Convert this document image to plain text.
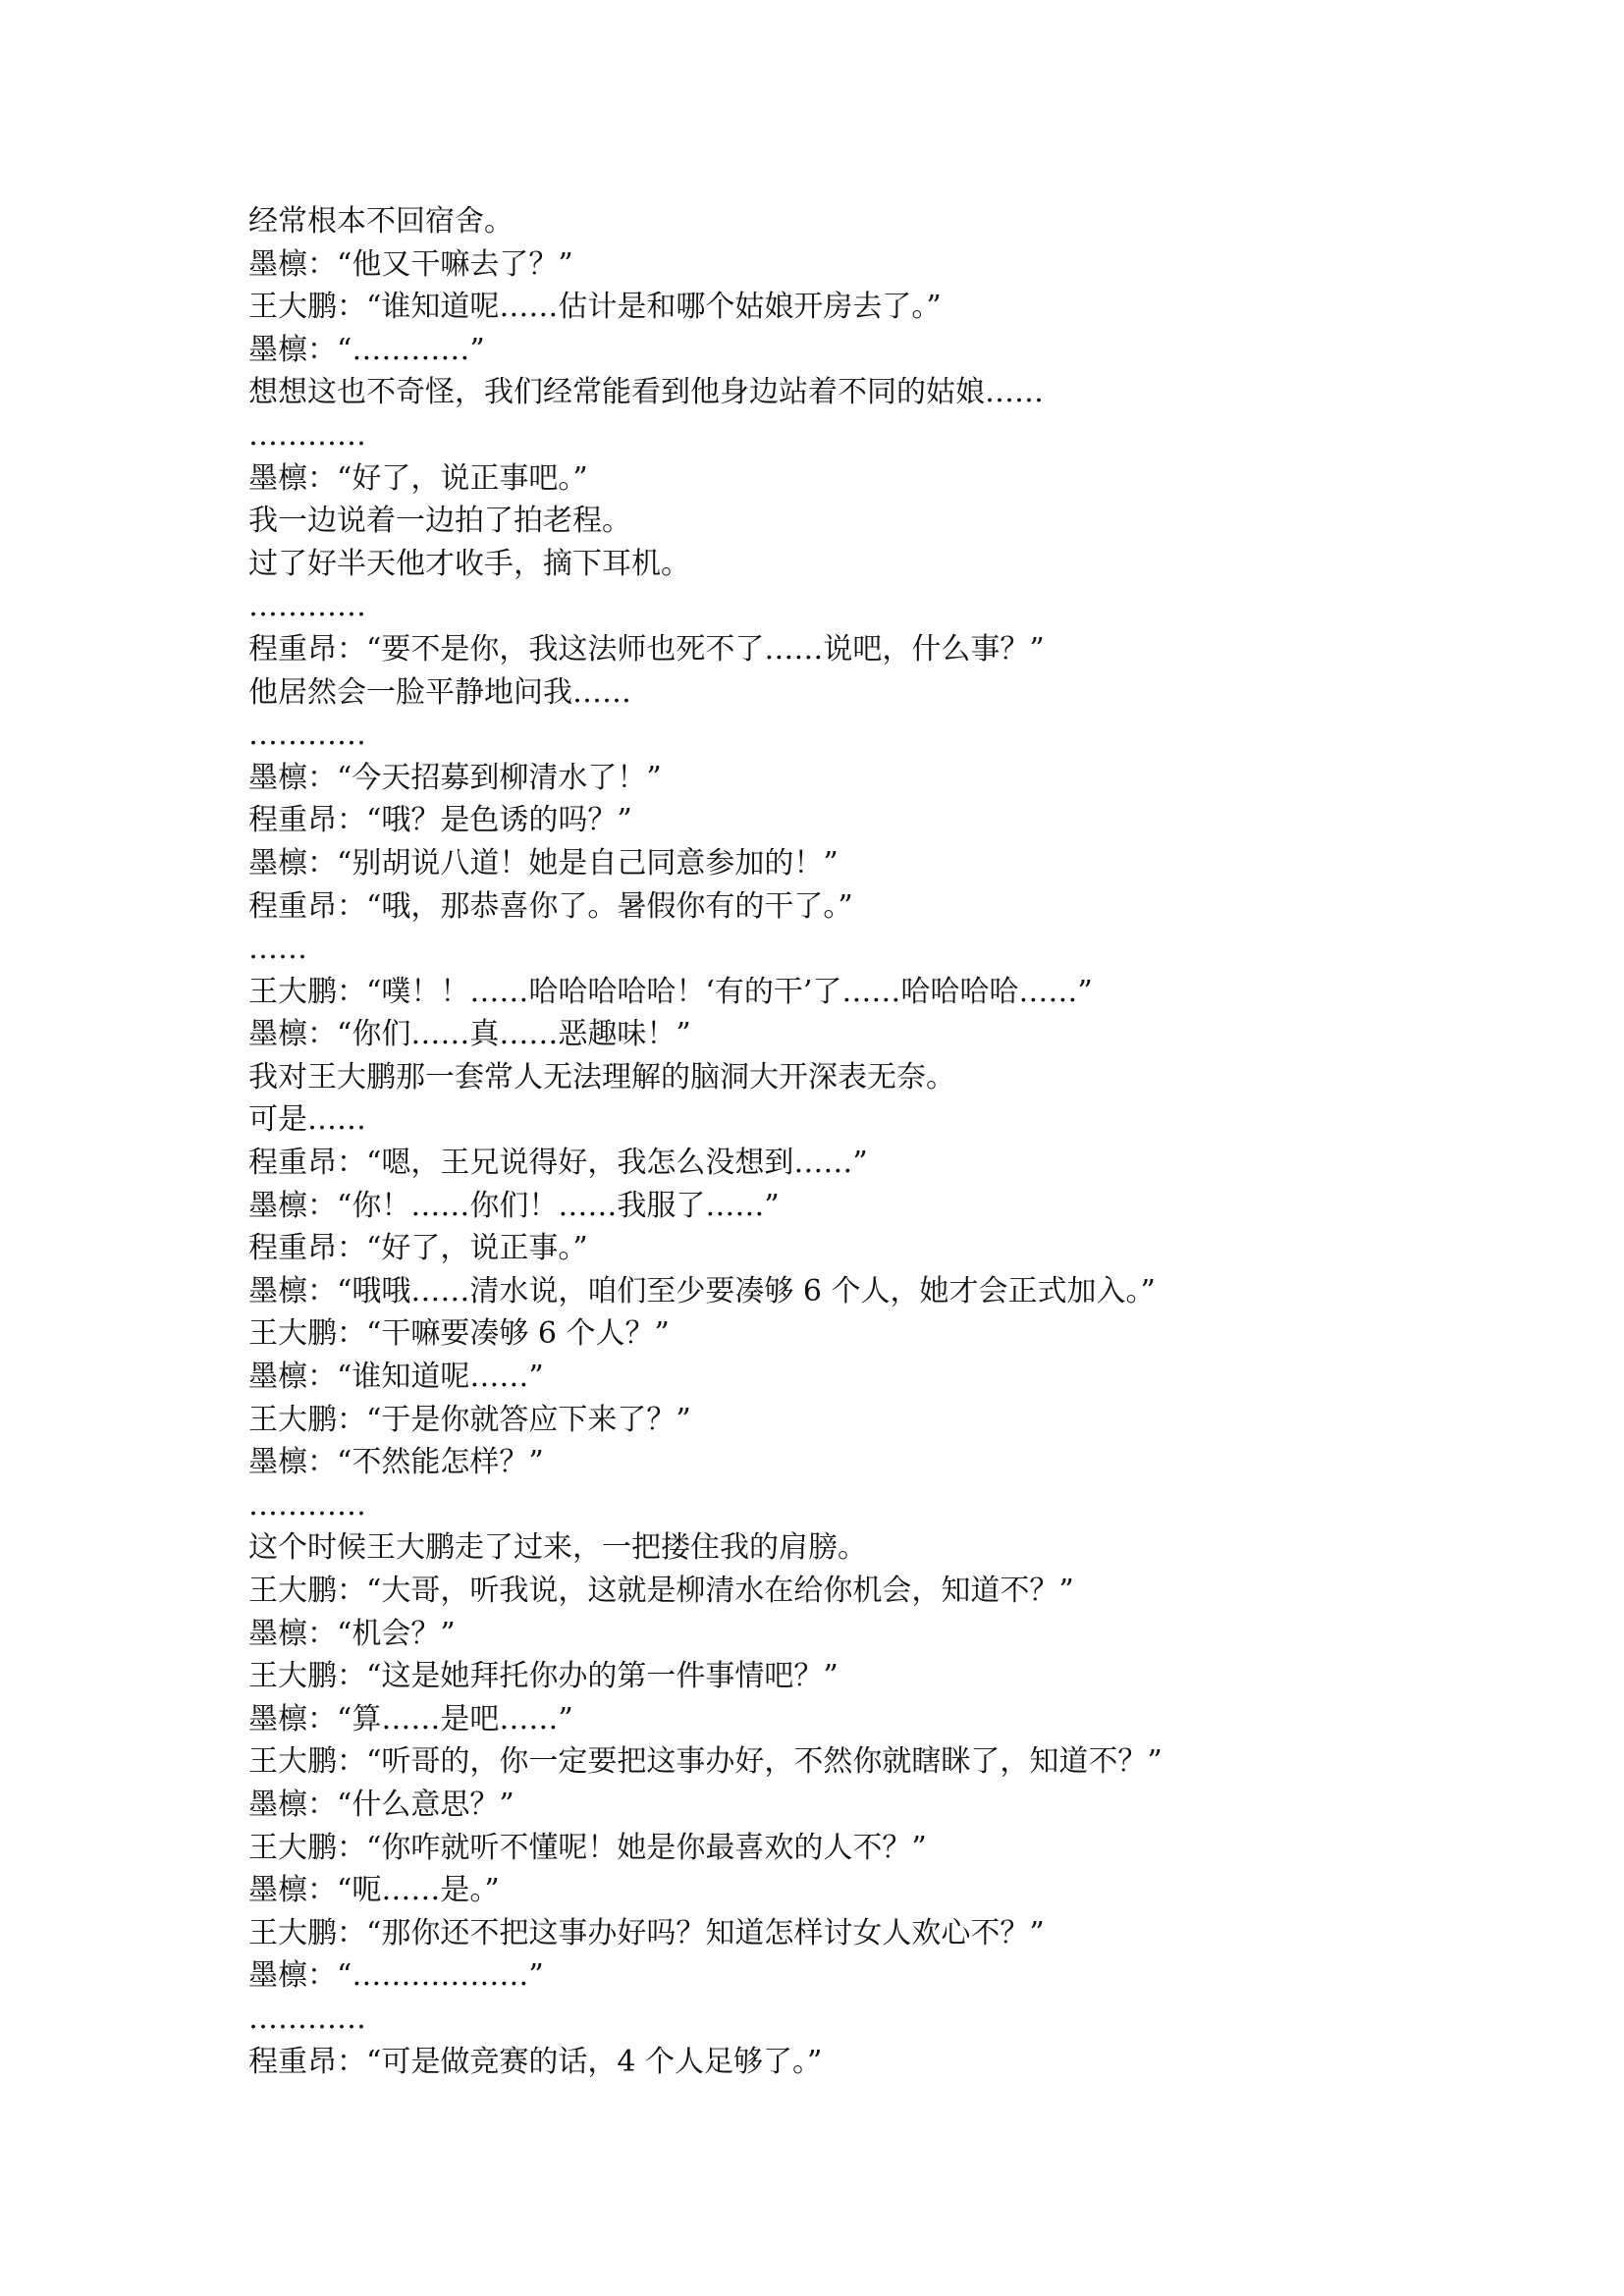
经常根本不回宿舍。
墨檩：“他又干嘛去了？”
王大鹏：“谁知道呢……估计是和哪个姑娘开房去了。”
墨檩：“…………”
想想这也不奇怪，我们经常能看到他身边站着不同的姑娘……
…………
墨檩：“好了，说正事吧。”
我一边说着一边拍了拍老程。
过了好半天他才收手，摘下耳机。
…………
程重昂：“要不是你，我这法师也死不了……说吧，什么事？”
他居然会一脸平静地问我……
…………
墨檩：“今天招募到柳清水了！”
程重昂：“哦？是色诱的吗？”
墨檩：“别胡说八道！她是自己同意参加的！”
程重昂：“哦，那恭喜你了。暑假你有的干了。”
……
王大鹏：“噗！！……哈哈哈哈哈！‘有的干’了……哈哈哈哈……”
墨檩：“你们……真……恶趣味！”
我对王大鹏那一套常人无法理解的脑洞大开深表无奈。
可是……
程重昂：“嗯，王兄说得好，我怎么没想到……”
墨檩：“你！……你们！……我服了……”
程重昂：“好了，说正事。”
墨檩：“哦哦……清水说，咱们至少要凑够 6 个人，她才会正式加入。”
王大鹏：“干嘛要凑够 6 个人？”
墨檩：“谁知道呢……”
王大鹏：“于是你就答应下来了？”
墨檩：“不然能怎样？”
…………
这个时候王大鹏走了过来，一把搂住我的肩膀。
王大鹏：“大哥，听我说，这就是柳清水在给你机会，知道不？”
墨檩：“机会？”
王大鹏：“这是她拜托你办的第一件事情吧？”
墨檩：“算……是吧……”
王大鹏：“听哥的，你一定要把这事办好，不然你就瞎眯了，知道不？”
墨檩：“什么意思？”
王大鹏：“你咋就听不懂呢！她是你最喜欢的人不？”
墨檩：“呃……是。”
王大鹏：“那你还不把这事办好吗？知道怎样讨女人欢心不？”
墨檩：“………………”
…………
程重昂：“可是做竞赛的话，4 个人足够了。”
